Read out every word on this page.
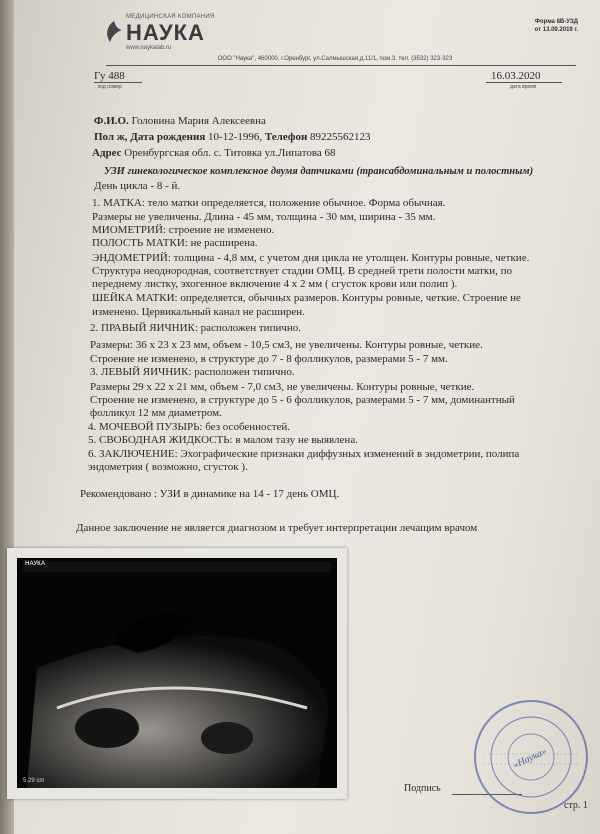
МЕДИЦИНСКАЯ КОМПАНИЯ
НАУКА
www.naykalab.ru
Форма 8В-УЗД
от 13.09.2019 г.
ООО "Наука", 460000, г.Оренбург, ул.Салмышская,д.11/1, пом.3, тел. (3532) 323-323
Гу 488
код номер
16.03.2020
дата время
Ф.И.О. Головина Мария Алексеевна
Пол ж, Дата рождения 10-12-1996, Телефон 89225562123
Адрес Оренбургская обл. с. Титовка ул.Липатова 68
УЗИ гинекологическое комплексное двумя датчиками (трансабдоминальным и полостным)
День цикла - 8 - й.
1. МАТКА: тело матки определяется, положение обычное. Форма обычная.
Размеры не увеличены. Длина - 45 мм, толщина - 30 мм, ширина - 35 мм.
МИОМЕТРИЙ: строение не изменено.
ПОЛОСТЬ МАТКИ: не расширена.
ЭНДОМЕТРИЙ: толщина - 4,8 мм, с учетом дня цикла не утолщен. Контуры ровные, четкие.
Структура неоднородная, соответствует стадии ОМЦ. В средней трети полости матки, по
переднему листку, эхогенное включение 4 х 2 мм ( сгусток крови или полип ).
ШЕЙКА МАТКИ: определяется, обычных размеров. Контуры ровные, четкие. Строение не
изменено. Цервикальный канал не расширен.
2. ПРАВЫЙ ЯИЧНИК: расположен типично.
Размеры: 36 x 23 x 23 мм, объем - 10,5 см3, не увеличены. Контуры ровные, четкие.
Строение не изменено, в структуре до 7 - 8 фолликулов, размерами 5 - 7 мм.
3. ЛЕВЫЙ ЯИЧНИК: расположен типично.
Размеры 29 x 22 x 21 мм, объем - 7,0 см3, не увеличены. Контуры ровные, четкие.
Строение не изменено, в структуре до 5 - 6 фолликулов, размерами 5 - 7 мм, доминантный
фолликул 12 мм диаметром.
4. МОЧЕВОЙ ПУЗЫРЬ: без особенностей.
5. СВОБОДНАЯ ЖИДКОСТЬ: в малом тазу не выявлена.
6. ЗАКЛЮЧЕНИЕ: Эхографические признаки диффузных изменений в эндометрии, полипа
эндометрия ( возможно, сгусток ).
Рекомендовано : УЗИ в динамике на 14 - 17 день ОМЦ.
Данное заключение не является диагнозом и требует интерпретации лечащим врачом
НАУКА
5.29 cm
Подпись
«Наука»
стр. 1
